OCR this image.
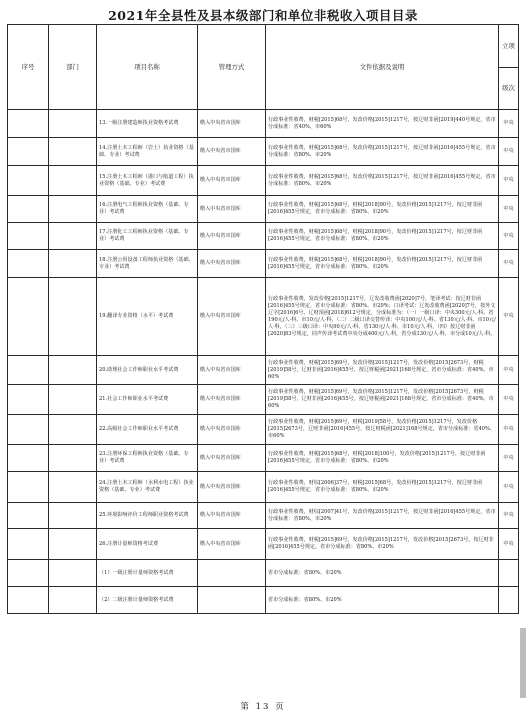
2021年全县性及县本级部门和单位非税收入项目目录
序号	部门	项目名称	管理方式	文件依据及说明	立项
					级次
		13.一级注册建造师执业资格考试费	缴入中央省市国库	行政事业性收费，财税[2015]68号，发改价格[2015]1217号，按辽财非函[2019]440号规定，省市分成标准：省40%、市60%	中央
		14.注册土木工程师（岩土）执业资格（基础、专业）考试费	缴入中央省市国库	行政事业性收费，财税[2015]68号，发改价格[2015]1217号，按辽财非函[2016]455号规定，省市分成标准：省80%、市20%	中央
		15.注册土木工程师（港口与航道工程）执业资格（基础、专业）考试费	缴入中央省市国库	行政事业性收费，财税[2015]68号，发改价格[2015]1217号，按辽财非函[2016]455号规定，省市分成标准：省80%、市20%	中央
		16.注册电气工程师执业资格（基础、专业）考试费	缴入中央省市国库	行政事业性收费，财税[2015]68号，财税[2018]90号，发改价格[2015]1217号，按辽财非函[2016]455号规定，省市分成标准：省80%、市20%	中央
		17.注册化工工程师执业资格（基础、专业）考试费	缴入中央省市国库	行政事业性收费，财税[2015]68号，财税[2018]90号，发改价格[2015]1217号，按辽财非函[2016]455号规定，省市分成标准：省80%、市20%	中央
		18.注册公用设备工程师执业资格（基础、专业）考试费	缴入中央省市国库	行政事业性收费，财税[2015]68号，财税[2018]90号，发改价格[2015]1217号，按辽财非函[2016]455号规定，省市分成标准：省80%、市20%	中央
		19.翻译专业资格（水平）考试费	缴入中央省市国库	行政事业性收费，发改价格[2015]1217号，辽发改收费函[2020]7号，笔译考试：按辽财非函[2016]455号规定，省市分成标准：省80%、市20%；口译考试：辽发改收费函[2020]7号，按外文辽字[2016]6号、辽财预函[2018]612号规定，分成标准为：（一）一级口译：中央300元/人·科、省190元/人·科、市10元/人·科，（二）二级口译交替传译：中央100元/人·科、省130元/人·科、市10元/人·科，（三）三级口译：中央90元/人·科、省130元/人·科、市10元/人·科，（四）按辽财非函[2020]83号规定，同声传译考试费中央分成400元/人·科，省分成130元/人·科，市分成10元/人·科。	中央
		20.助理社会工作师职业水平考试费	缴入中央省市国库	行政事业性收费，财税[2015]69号，发改价格[2015]1217号，发改价格[2015]2673号，财税[2019]58号，辽财非函[2016]455号，按辽财税函[2021]168号规定，省市分成标准：省40%、市60%	中央
		21.社会工作师职业水平考试费	缴入中央省市国库	行政事业性收费，财税[2015]69号，发改价格[2015]1217号，发改价格[2015]2673号，财税[2019]58号，辽财非函[2016]455号，按辽财税函[2021]168号规定，省市分成标准：省40%、市60%	中央
		22.高级社会工作师职业水平考试费	缴入中央省市国库	行政事业性收费，财税[2015]69号，财税[2019]58号，发改价格[2015]1217号，发改价格[2015]2673号，辽财非函[2016]455号，按辽财税函[2021]168号规定，省市分成标准：省40%、市60%	中央
		23.注册环保工程师执业资格（基础、专业）考试费	缴入中央省市国库	行政事业性收费，财税[2015]68号，财税[2018]100号，发改价格[2015]1217号，按辽财非函[2016]455号规定，省市分成标准：省80%、市20%	中央
		24.注册土木工程师（水利水电工程）执业资格（基础、专业）考试费	缴入中央省市国库	行政事业性收费，财综[2006]37号，财税[2015]68号，发改价格[2015]1217号，按辽财非函[2016]455号规定，省市分成标准：省80%、市20%	中央
		25.环境影响评价工程师职业资格考试费	缴入中央省市国库	行政事业性收费，财综[2007]41号，发改价格[2015]1217号，按辽财非函[2016]455号规定，省市分成标准：省80%、市20%	中央
		26.注册计量师资格考试费	缴入中央省市国库	行政事业性收费，财税[2015]69号，发改价格[2015]1217号，发改价格[2015]2673号，按辽财非函[2016]455号规定，省市分成标准：省80%、市20%	中央
		（1）一级注册计量师资格考试费		省市分成标准：省80%、市20%	
		（2）二级注册计量师资格考试费		省市分成标准：省80%、市20%	
第 13 页
